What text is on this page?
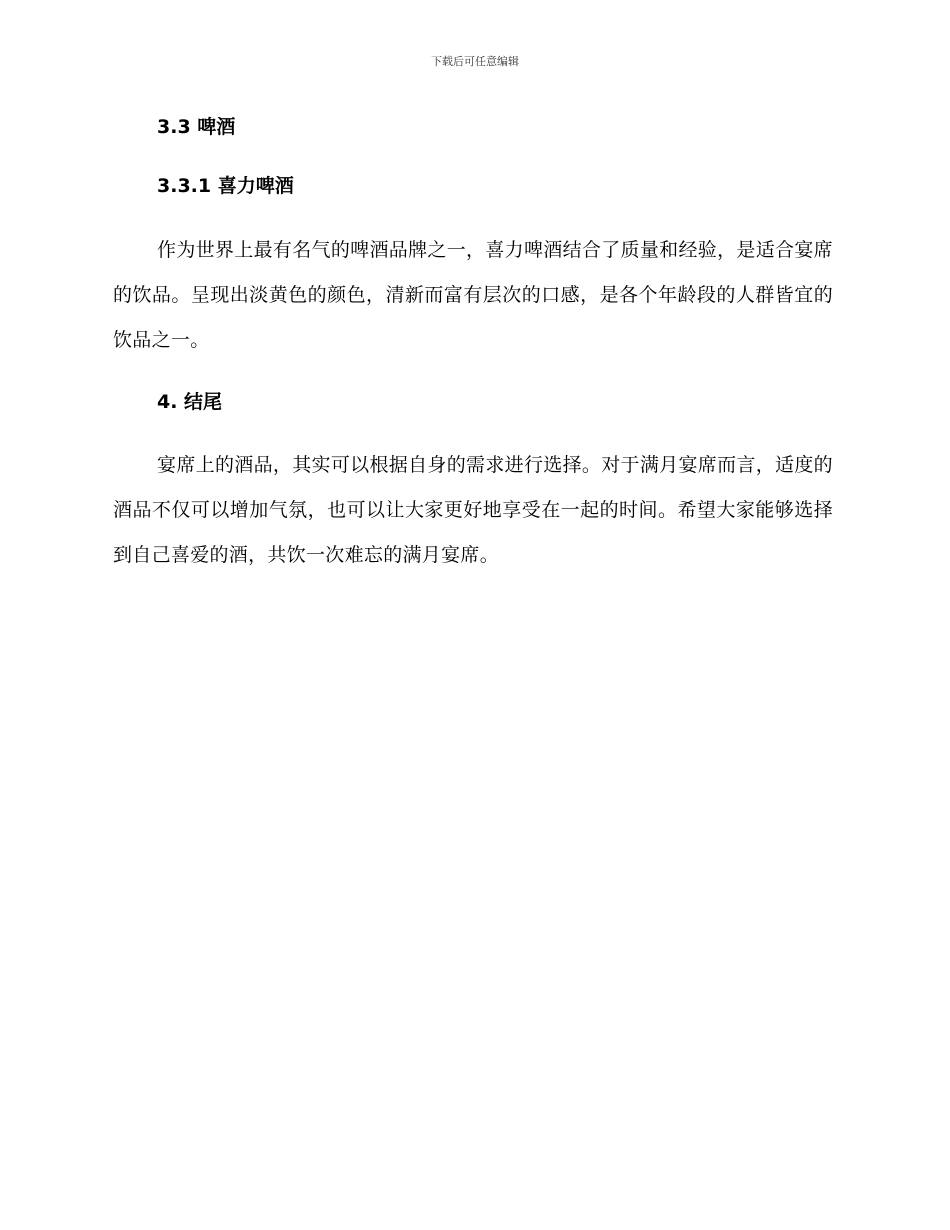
下载后可任意编辑
3.3 啤酒
3.3.1 喜力啤酒

作为世界上最有名气的啤酒品牌之一，喜力啤酒结合了质量和经验，是适合宴席的饮品。呈现出淡黄色的颜色，清新而富有层次的口感，是各个年龄段的人群皆宜的饮品之一。

4. 结尾

宴席上的酒品，其实可以根据自身的需求进行选择。对于满月宴席而言，适度的酒品不仅可以增加气氛，也可以让大家更好地享受在一起的时间。希望大家能够选择到自己喜爱的酒，共饮一次难忘的满月宴席。
